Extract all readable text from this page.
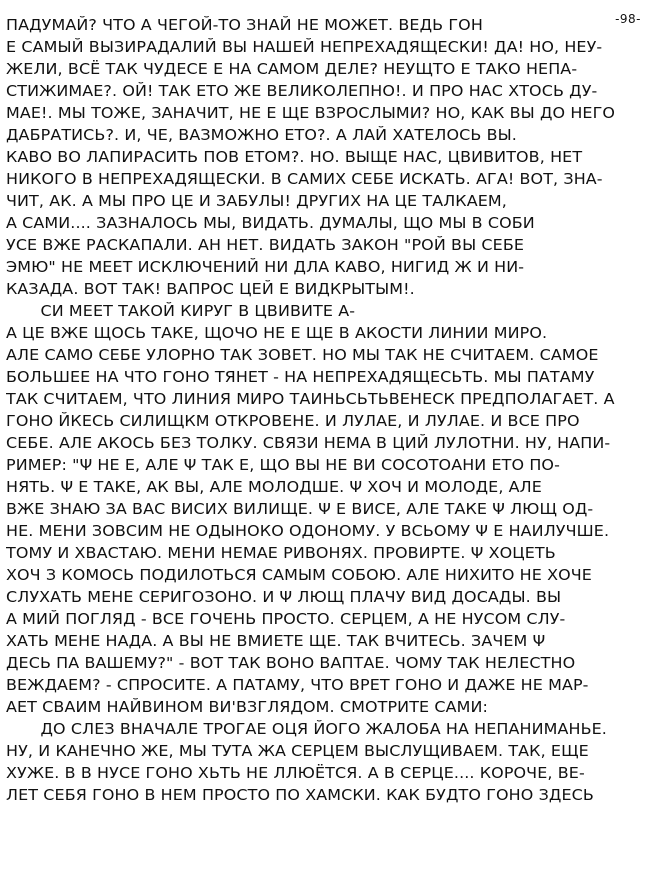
-98-
ПАДУМАЙ? ЧТО А ЧЕГОЙ-ТО ЗНАЙ НЕ МОЖЕТ. ВЕДЬ ГОН
Е САМЫЙ ВЫЗИРАДАЛИЙ ВЫ НАШЕЙ НЕПРЕХАДЯЩЕСКИ! ДА! НО, НЕУ-
ЖЕЛИ, ВСЁ ТАК ЧУДЕСЕ Е НА САМОМ ДЕЛЕ? НЕУЩТО Е ТАКО НЕПА-
СТИЖИМАЕ?. ОЙ! ТАК ЕТО ЖЕ ВЕЛИКОЛЕПНО!. И ПРО НАС ХТОСЬ ДУ-
МАЕ!. МЫ ТОЖЕ, ЗАНАЧИТ, НЕ Е ЩЕ ВЗРОСЛЫМИ? НО, КАК ВЫ ДО НЕГО
ДАБРАТИСЬ?. И, ЧЕ, ВАЗМОЖНО ЕТО?. А ЛАЙ ХАТЕЛОСЬ ВЫ.
КАВО ВО ЛАПИРАСИТЬ ПОВ ЕТОМ?. НО. ВЫЩЕ НАС, ЦВИВИТОВ, НЕТ
НИКОГО В НЕПРЕХАДЯЩЕСКИ. В САМИХ СЕБЕ ИСКАТЬ. АГА! ВОТ, ЗНА-
ЧИТ, АК. А МЫ ПРО ЦЕ И ЗАБУЛЫ! ДРУГИХ НА ЦЕ ТАЛКАЕМ,
А САМИ.... ЗАЗНАЛОСЬ МЫ, ВИДАТЬ. ДУМАЛЫ, ЩО МЫ В СОБИ
УСЕ ВЖЕ РАСКАПАЛИ. АН НЕТ. ВИДАТЬ ЗАКОН "РОЙ ВЫ СЕБЕ
ЭМЮ" НЕ МЕЕТ ИСКЛЮЧЕНИЙ НИ ДЛА КАВО, НИГИД Ж И НИ-
КАЗАДА. ВОТ ТАК! ВАПРОС ЦЕЙ Е ВИДКРЫТЫМ!.
СИ МЕЕТ ТАКОЙ КИРУГ В ЦВИВИТЕ А-
А ЦЕ ВЖЕ ЩОСЬ ТАКЕ, ЩОЧО НЕ Е ЩЕ В АКОСТИ ЛИНИИ МИРО.
АЛЕ САМО СЕБЕ УЛОРНО ТАК ЗОВЕТ. НО МЫ ТАК НЕ СЧИТАЕМ. САМОЕ
БОЛЬШЕЕ НА ЧТО ГОНО ТЯНЕТ - НА НЕПРЕХАДЯЩЕСЬТЬ. МЫ ПАТАМУ
ТАК СЧИТАЕМ, ЧТО ЛИНИЯ МИРО ТАИНЬСЬТЬВЕНЕСК ПРЕДПОЛАГАЕТ. А
ГОНО ЙКЕСЬ СИЛИЩКМ ОТКРОВЕНЕ. И ЛУЛАЕ, И ЛУЛАЕ. И ВСЕ ПРО
СЕБЕ. АЛЕ АКОСЬ БЕЗ ТОЛКУ. СВЯЗИ НЕМА В ЦИЙ ЛУЛОТНИ. НУ, НАПИ-
РИМЕР: "Ψ НЕ Е, АЛЕ Ψ ТАК Е, ЩО ВЫ НЕ ВИ СОСОТОАНИ ЕТО ПО-
НЯТЬ. Ψ Е ТАКЕ, АК ВЫ, АЛЕ МОЛОДШЕ. Ψ ХОЧ И МОЛОДЕ, АЛЕ
ВЖЕ ЗНАЮ ЗА ВАС ВИСИХ ВИЛИЩЕ. Ψ Е ВИСЕ, АЛЕ ТАКЕ Ψ ЛЮЩ ОД-
НЕ. МЕНИ ЗОВСИМ НЕ ОДЫНОКО ОДОНОМУ. У ВСЬОМУ Ψ Е НАИЛУЧШЕ.
ТОМУ И ХВАСТАЮ. МЕНИ НЕМАЕ РИВОНЯХ. ПРОВИРТЕ. Ψ ХОЦЕТЬ
ХОЧ З КОМОСЬ ПОДИЛОТЬСЯ САМЫМ СОБОЮ. АЛЕ НИХИТО НЕ ХОЧЕ
СЛУХАТЬ МЕНЕ СЕРИГОЗОНО. И Ψ ЛЮЩ ПЛАЧУ ВИД ДОСАДЫ. ВЫ
А МИЙ ПОГЛЯД - ВСЕ ГОЧЕНЬ ПРОСТО. СЕРЦЕМ, А НЕ НУСОМ СЛУ-
ХАТЬ МЕНЕ НАДА. А ВЫ НЕ ВМИЕТЕ ЩЕ. ТАК ВЧИТЕСЬ. ЗАЧЕМ Ψ
ДЕСЬ ПА ВАШЕМУ?" - ВОТ ТАК ВОНО ВАПТАЕ. ЧОМУ ТАК НЕЛЕСТНО
ВЕЖДАЕМ? - СПРОСИТЕ. А ПАТАМУ, ЧТО ВРЕТ ГОНО И ДАЖЕ НЕ МАР-
АЕТ СВАИМ НАЙВИНОМ ВИ'ВЗГЛЯДОМ. СМОТРИТЕ САМИ:
ДО СЛЕЗ ВНАЧАЛЕ ТРОГАЕ ОЦЯ ЙОГО ЖАЛОБА НА НЕПАНИМАНЬЕ.
НУ, И КАНЕЧНО ЖЕ, МЫ ТУТА ЖА СЕРЦЕМ ВЫСЛУЩИВАЕМ. ТАК, ЕЩЕ
ХУЖЕ. В В НУСЕ ГОНО ХЬТЬ НЕ ЛЛЮЁТСЯ. А В СЕРЦЕ.... КОРОЧЕ, ВЕ-
ЛЕТ СЕБЯ ГОНО В НЕМ ПРОСТО ПО ХАМСКИ. КАК БУДТО ГОНО ЗДЕСЬ
